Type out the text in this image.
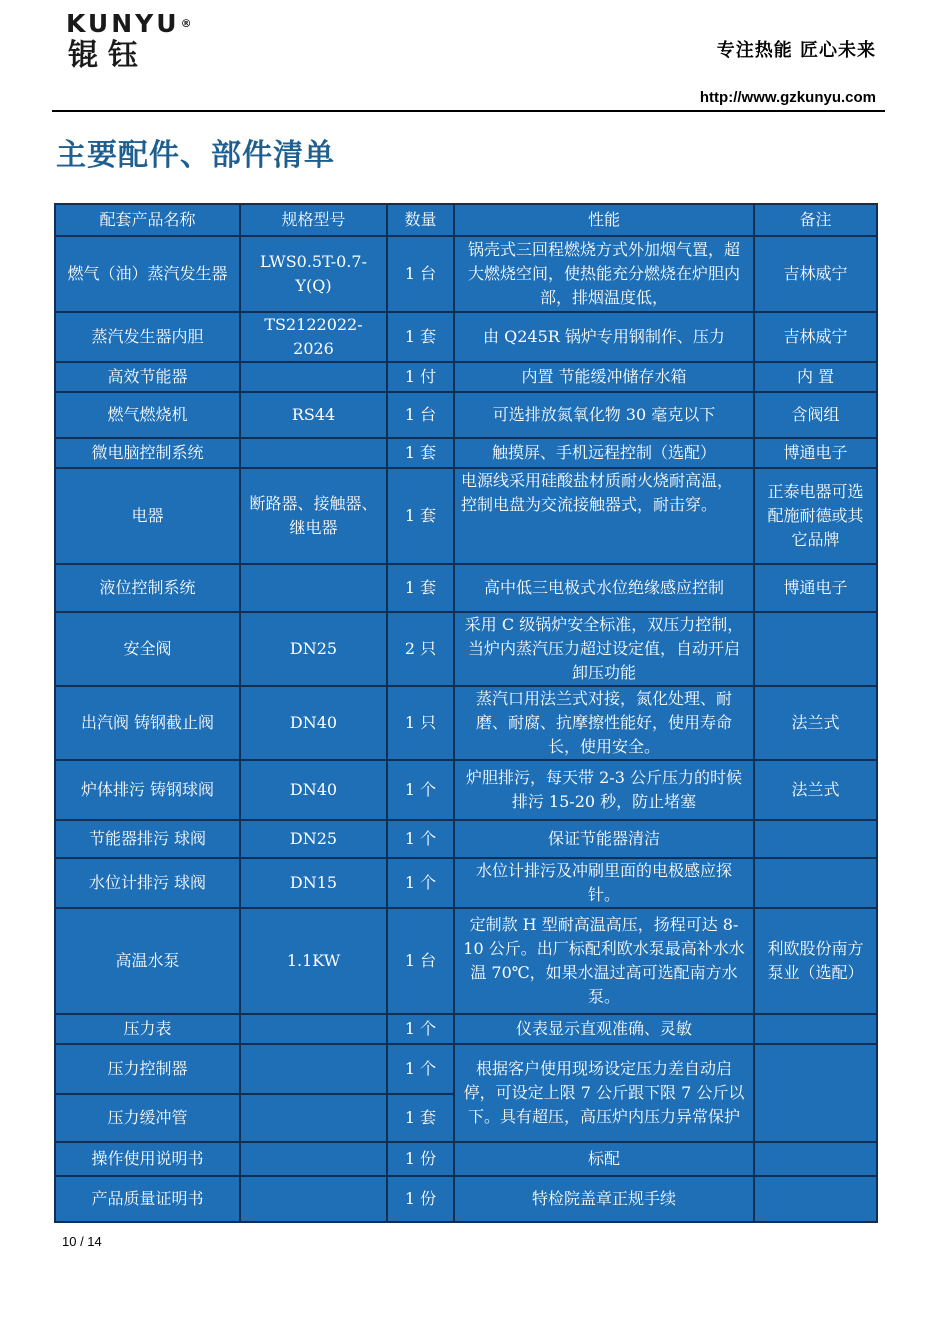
KUNYU®
锟钰	专注热能 匠心未来
http://www.gzkunyu.com
主要配件、部件清单
配套产品名称	规格型号	数量	性能	备注
燃气（油）蒸汽发生器	LWS0.5T-0.7-Y(Q)	1 台	锅壳式三回程燃烧方式外加烟气置，超大燃烧空间，使热能充分燃烧在炉胆内部，排烟温度低，	吉林威宁
蒸汽发生器内胆	TS2122022-2026	1 套	由 Q245R 锅炉专用钢制作、压力	吉林威宁
高效节能器		1 付	内置 节能缓冲储存水箱	内 置
燃气燃烧机	RS44	1 台	可选排放氮氧化物 30 毫克以下	含阀组
微电脑控制系统		1 套	触摸屏、手机远程控制（选配）	博通电子
电器	断路器、接触器、继电器	1 套	电源线采用硅酸盐材质耐火烧耐高温，控制电盘为交流接触器式，耐击穿。	正泰电器可选配施耐德或其它品牌
液位控制系统		1 套	高中低三电极式水位绝缘感应控制	博通电子
安全阀	DN25	2 只	采用 C 级锅炉安全标准，双压力控制，当炉内蒸汽压力超过设定值，自动开启卸压功能	
出汽阀 铸钢截止阀	DN40	1 只	蒸汽口用法兰式对接，氮化处理、耐磨、耐腐、抗摩擦性能好，使用寿命长，使用安全。	法兰式
炉体排污 铸钢球阀	DN40	1 个	炉胆排污，每天带 2-3 公斤压力的时候排污 15-20 秒，防止堵塞	法兰式
节能器排污 球阀	DN25	1 个	保证节能器清洁	
水位计排污 球阀	DN15	1 个	水位计排污及冲刷里面的电极感应探针。	
高温水泵	1.1KW	1 台	定制款 H 型耐高温高压，扬程可达 8-10 公斤。出厂标配利欧水泵最高补水水温 70℃，如果水温过高可选配南方水泵。	利欧股份南方泵业（选配）
压力表		1 个	仪表显示直观准确、灵敏	
压力控制器		1 个	根据客户使用现场设定压力差自动启停，可设定上限 7 公斤跟下限 7 公斤以下。具有超压，高压炉内压力异常保护	
压力缓冲管		1 套		
操作使用说明书		1 份	标配	
产品质量证明书		1 份	特检院盖章正规手续	
10 / 14
